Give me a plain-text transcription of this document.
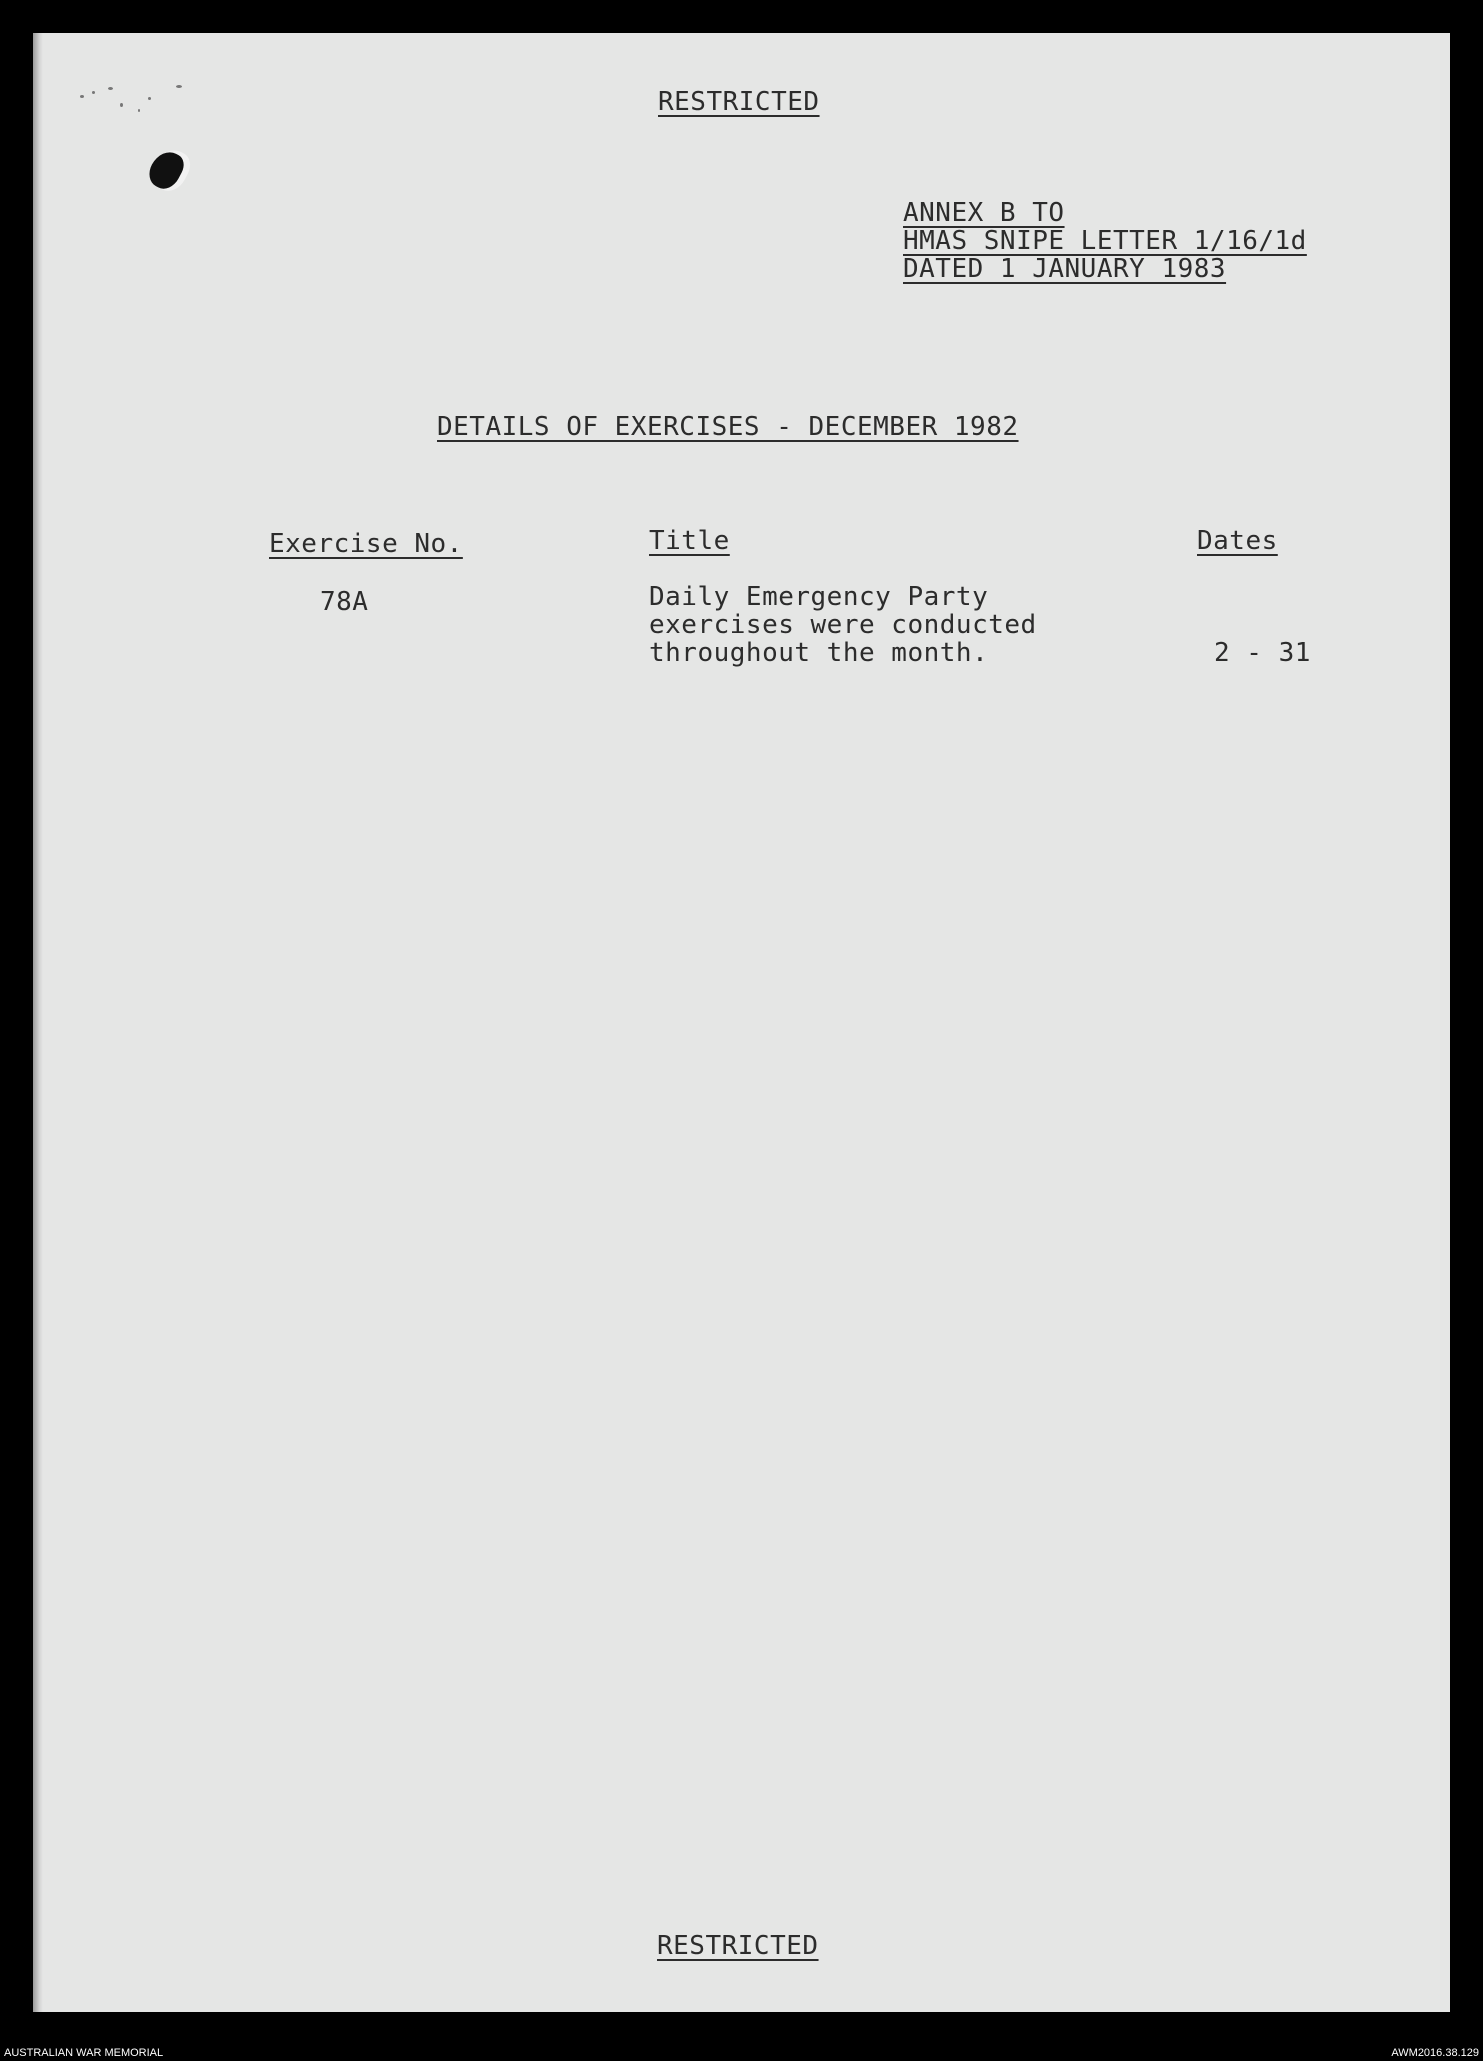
RESTRICTED
ANNEX B TO
HMAS SNIPE LETTER 1/16/1d
DATED 1 JANUARY 1983
DETAILS OF EXERCISES - DECEMBER 1982
Exercise No.	Title	Dates
78A	Daily Emergency Party
exercises were conducted
throughout the month.	2 - 31
RESTRICTED
AUSTRALIAN WAR MEMORIAL	AWM2016.38.129
